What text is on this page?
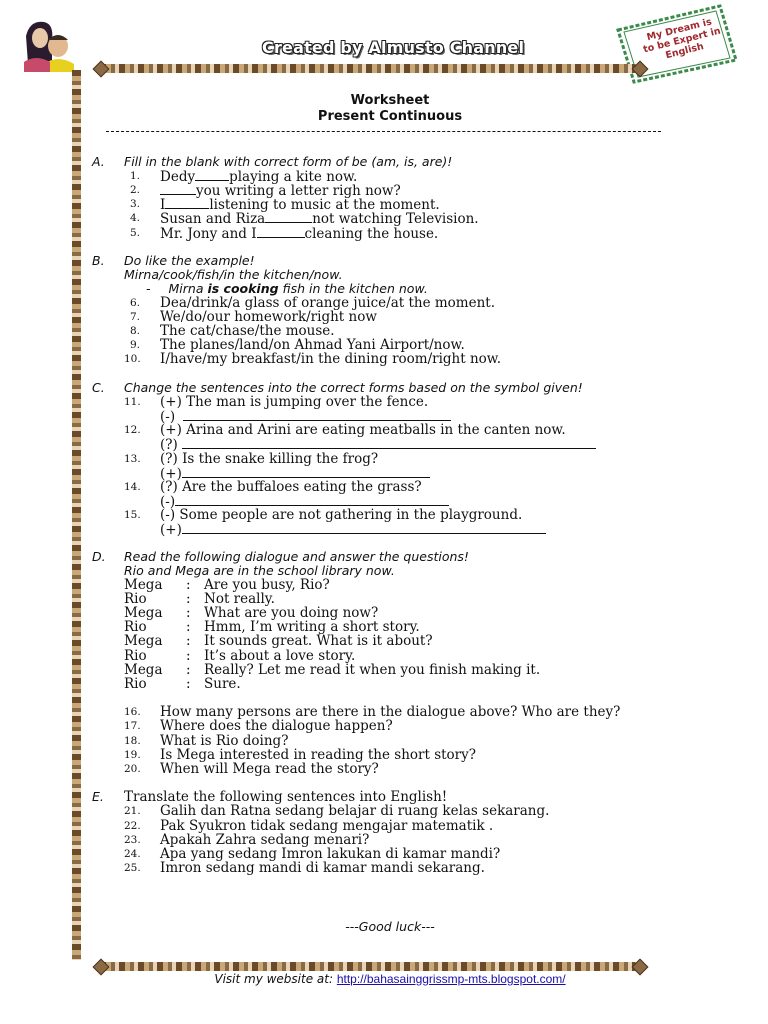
Created by Almusto Channel
My Dream is to be Expert in English
Worksheet
Present Continuous
A. Fill in the blank with correct form of be (am, is, are)!
1. Dedy	playing a kite now.
2.	you writing a letter righ now?
3. I	listening to music at the moment.
4. Susan and Riza	not watching Television.
5. Mr. Jony and I	cleaning the house.
B. Do like the example!
Mirna/cook/fish/in the kitchen/now.
- Mirna is cooking fish in the kitchen now.
6. Dea/drink/a glass of orange juice/at the moment.
7. We/do/our homework/right now
8. The cat/chase/the mouse.
9. The planes/land/on Ahmad Yani Airport/now.
10. I/have/my breakfast/in the dining room/right now.
C. Change the sentences into the correct forms based on the symbol given!
11. (+) The man is jumping over the fence.
(-)
12. (+) Arina and Arini are eating meatballs in the canten now.
(?)
13. (?) Is the snake killing the frog?
(+)
14. (?) Are the buffaloes eating the grass?
(-)
15. (-) Some people are not gathering in the playground.
(+)
D. Read the following dialogue and answer the questions!
Rio and Mega are in the school library now.
Mega : Are you busy, Rio?
Rio	: Not really.
Mega : What are you doing now?
Rio	: Hmm, I’m writing a short story.
Mega : It sounds great. What is it about?
Rio	: It’s about a love story.
Mega : Really? Let me read it when you finish making it.
Rio	: Sure.
16. How many persons are there in the dialogue above? Who are they?
17. Where does the dialogue happen?
18. What is Rio doing?
19. Is Mega interested in reading the short story?
20. When will Mega read the story?
E. Translate the following sentences into English!
21. Galih dan Ratna sedang belajar di ruang kelas sekarang.
22. Pak Syukron tidak sedang mengajar matematik .
23. Apakah Zahra sedang menari?
24. Apa yang sedang Imron lakukan di kamar mandi?
25. Imron sedang mandi di kamar mandi sekarang.
---Good luck---
Visit my website at: http://bahasainggrissmp-mts.blogspot.com/
